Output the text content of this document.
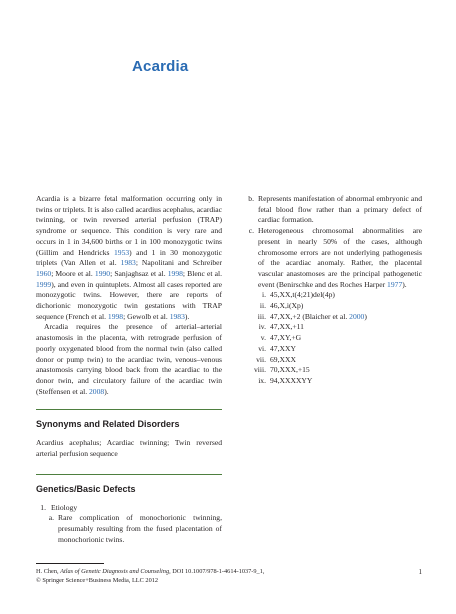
Acardia

Acardia is a bizarre fetal malformation occurring only in twins or triplets. It is also called acardius acephalus, acardiac twinning, or twin reversed arterial perfusion (TRAP) syndrome or sequence. This condition is very rare and occurs in 1 in 34,600 births or 1 in 100 monozygotic twins (Gillim and Hendricks 1953) and 1 in 30 monozygotic triplets (Van Allen et al. 1983; Napolitani and Schreiber 1960; Moore et al. 1990; Sanjaghsaz et al. 1998; Blenc et al. 1999), and even in quintuplets. Almost all cases reported are monozygotic twins. However, there are reports of dichorionic monozygotic twin gestations with TRAP sequence (French et al. 1998; Gewolb et al. 1983).

Arcadia requires the presence of arterial–arterial anastomosis in the placenta, with retrograde perfusion of poorly oxygenated blood from the normal twin (also called donor or pump twin) to the acardiac twin, venous–venous anastomosis carrying blood back from the acardiac to the donor twin, and circulatory failure of the acardiac twin (Steffensen et al. 2008).

Synonyms and Related Disorders

Acardius acephalus; Acardiac twinning; Twin reversed arterial perfusion sequence

Genetics/Basic Defects
1. Etiology
a. Rare complication of monochorionic twinning, presumably resulting from the fused placentation of monochorionic twins.
b. Represents manifestation of abnormal embryonic and fetal blood flow rather than a primary defect of cardiac formation.
c. Heterogeneous chromosomal abnormalities are present in nearly 50% of the cases, although chromosome errors are not underlying pathogenesis of the acardiac anomaly. Rather, the placental vascular anastomoses are the principal pathogenetic event (Benirschke and des Roches Harper 1977).
i. 45,XX,t(4;21)del(4p)
ii. 46,X,i(Xp)
iii. 47,XX,+2 (Blaicher et al. 2000)
iv. 47,XX,+11
v. 47,XY,+G
vi. 47,XXY
vii. 69,XXX
viii. 70,XXX,+15
ix. 94,XXXXYY
H. Chen, Atlas of Genetic Diagnosis and Counseling, DOI 10.1007/978-1-4614-1037-9_1,
© Springer Science+Business Media, LLC 2012
1
